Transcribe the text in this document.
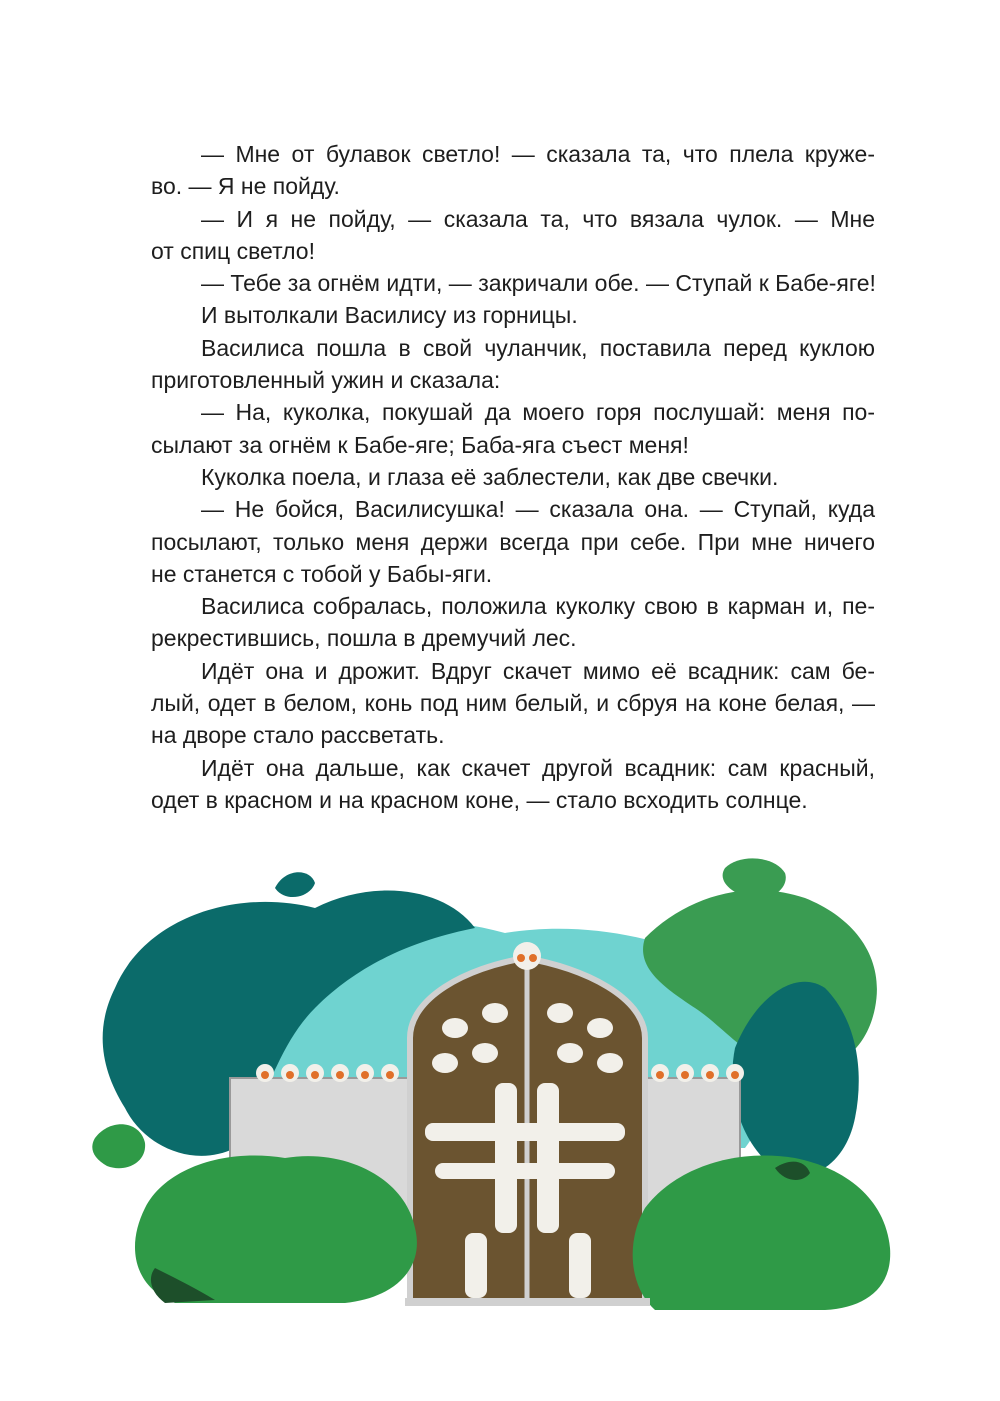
— Мне от булавок светло! — сказала та, что плела круже-
во. — Я не пойду.
— И я не пойду, — сказала та, что вязала чулок. — Мне
от спиц светло!
— Тебе за огнём идти, — закричали обе. — Ступай к Бабе-яге!
И вытолкали Василису из горницы.
Василиса пошла в свой чуланчик, поставила перед куклою
приготовленный ужин и сказала:
— На, куколка, покушай да моего горя послушай: меня по-
сылают за огнём к Бабе-яге; Баба-яга съест меня!
Куколка поела, и глаза её заблестели, как две свечки.
— Не бойся, Василисушка! — сказала она. — Ступай, куда
посылают, только меня держи всегда при себе. При мне ничего
не станется с тобой у Бабы-яги.
Василиса собралась, положила куколку свою в карман и, пе-
рекрестившись, пошла в дремучий лес.
Идёт она и дрожит. Вдруг скачет мимо её всадник: сам бе-
лый, одет в белом, конь под ним белый, и сбруя на коне белая, —
на дворе стало рассветать.
Идёт она дальше, как скачет другой всадник: сам красный,
одет в красном и на красном коне, — стало всходить солнце.
